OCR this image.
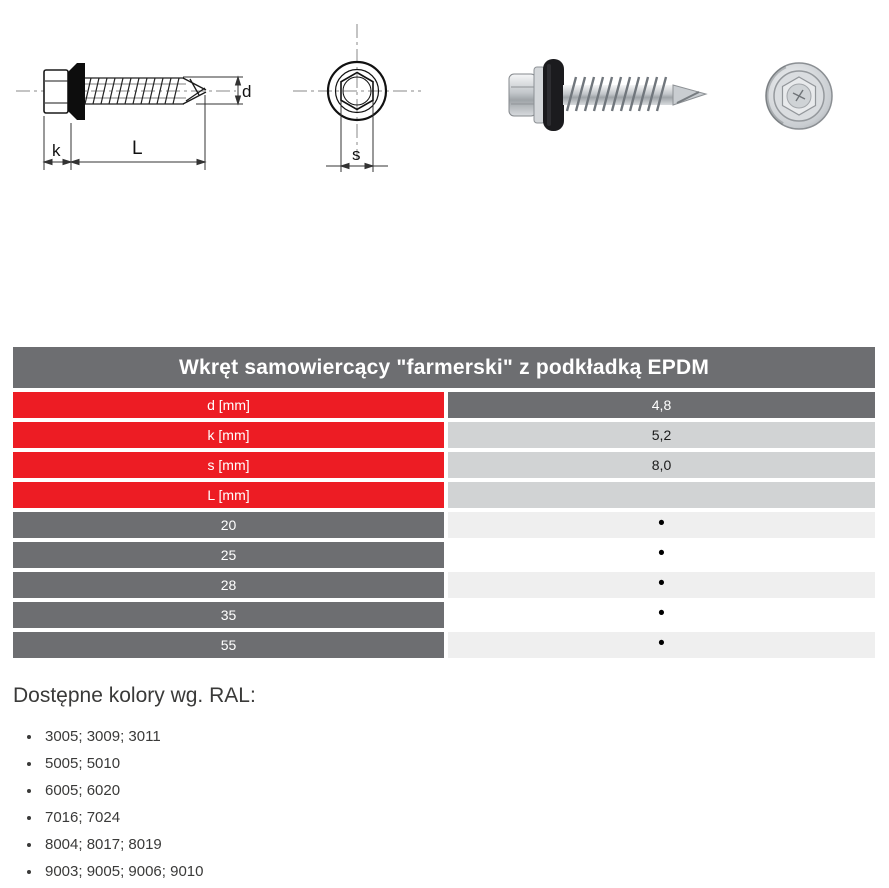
d
k	L	s
Wkręt samowiercący "farmerski" z podkładką EPDM
d [mm]	4,8
k [mm]	5,2
s [mm]	8,0
L [mm]
20	•
25	•
28	•
35	•
55	•
Dostępne kolory wg. RAL:
• 3005; 3009; 3011
• 5005; 5010
• 6005; 6020
• 7016; 7024
• 8004; 8017; 8019
• 9003; 9005; 9006; 9010
